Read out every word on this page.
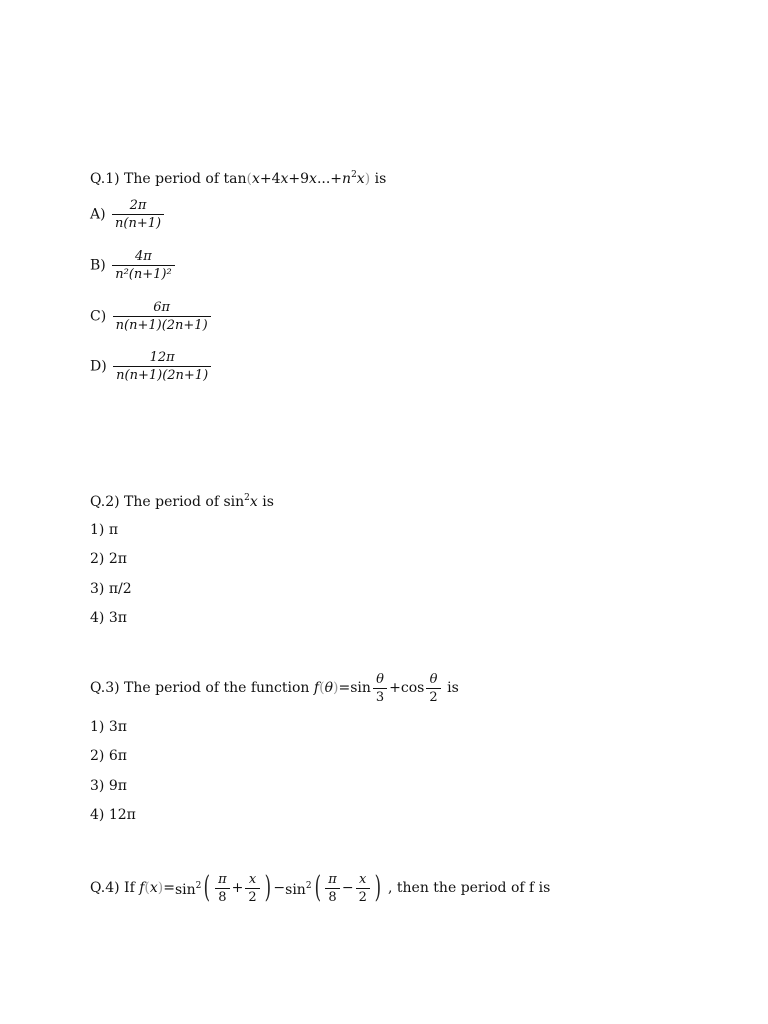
Q.1) The period of $\tan(x+4x+9x...+n^2x)$ is
$A) \frac{2\pi}{n(n+1)}$
$B) \frac{4\pi}{\text{n²(n+1)²}}$
$C) \frac{6\pi}{n(n+1)(2n+1)}$
$D) \frac{12\pi}{n(n+1)(2n+1)}$
Q.2) The period of $\sin^2x$ is
1) π
2) 2π
3) π/2
4) 3π
Q.3) The period of the function $f(\theta)=\sin \frac{\theta}{3} +\cos \frac{\theta}{2}$ is
1) 3π
2) 6π
3) 9π
4) 12π
Q.4) If $f(x)=\sin^2( \frac{\pi}{8} + \frac{x}{2}$ ) $-\sin^2( \frac{\pi}{8} - \frac{x}{2}$ ) , then the period of f is
